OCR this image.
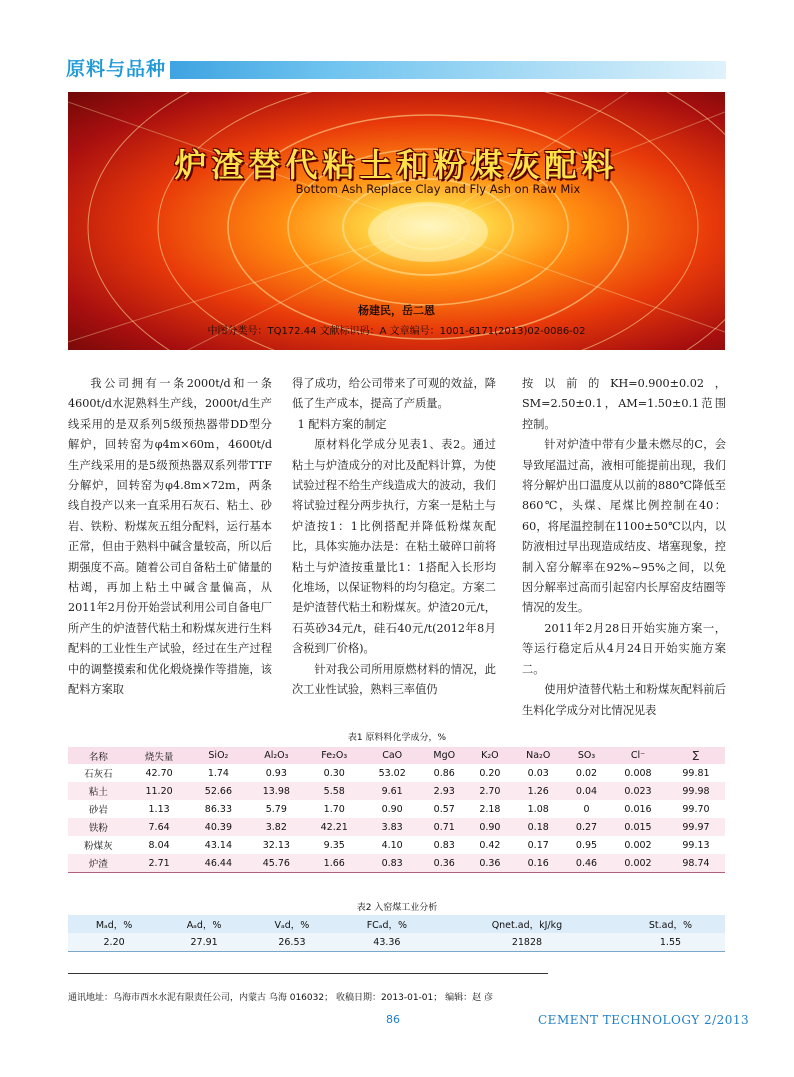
原料与品种
炉渣替代粘土和粉煤灰配料
Bottom Ash Replace Clay and Fly Ash on Raw Mix
杨建民，岳二恩
中图分类号：TQ172.44 文献标识码：A 文章编号：1001-6171(2013)02-0086-02

我公司拥有一条2000t/d和一条4600t/d水泥熟料生产线，2000t/d生产线采用的是双系列5级预热器带DD型分解炉，回转窑为φ4m×60m，4600t/d生产线采用的是5级预热器双系列带TTF分解炉，回转窑为φ4.8m×72m，两条线自投产以来一直采用石灰石、粘土、砂岩、铁粉、粉煤灰五组分配料，运行基本正常，但由于熟料中碱含量较高，所以后期强度不高。随着公司自备粘土矿储量的枯竭，再加上粘土中碱含量偏高，从2011年2月份开始尝试利用公司自备电厂所产生的炉渣替代粘土和粉煤灰进行生料配料的工业性生产试验，经过在生产过程中的调整摸索和优化煅烧操作等措施，该配料方案取

得了成功，给公司带来了可观的效益，降低了生产成本，提高了产质量。

1 配料方案的制定

原材料化学成分见表1、表2。通过粘土与炉渣成分的对比及配料计算，为使试验过程不给生产线造成大的波动，我们将试验过程分两步执行，方案一是粘土与炉渣按1：1比例搭配并降低粉煤灰配比，具体实施办法是：在粘土破碎口前将粘土与炉渣按重量比1：1搭配入长形均化堆场，以保证物料的均匀稳定。方案二是炉渣替代粘土和粉煤灰。炉渣20元/t，石英砂34元/t，硅石40元/t(2012年8月含税到厂价格)。

针对我公司所用原燃材料的情况，此次工业性试验，熟料三率值仍

按以前的KH=0.900±0.02，SM=2.50±0.1，AM=1.50±0.1范围控制。

针对炉渣中带有少量未燃尽的C，会导致尾温过高，液相可能提前出现，我们将分解炉出口温度从以前的880℃降低至860℃，头煤、尾煤比例控制在40：60，将尾温控制在1100±50℃以内，以防液相过早出现造成结皮、堵塞现象，控制入窑分解率在92%~95%之间，以免因分解率过高而引起窑内长厚窑皮结圈等情况的发生。

2011年2月28日开始实施方案一，等运行稳定后从4月24日开始实施方案二。

使用炉渣替代粘土和粉煤灰配料前后生料化学成分对比情况见表

表1 原料料化学成分，%
名称	烧失量	SiO₂	Al₂O₃	Fe₂O₃	CaO	MgO	K₂O	Na₂O	SO₃	Cl⁻	∑
石灰石	42.70	1.74	0.93	0.30	53.02	0.86	0.20	0.03	0.02	0.008	99.81
粘土	11.20	52.66	13.98	5.58	9.61	2.93	2.70	1.26	0.04	0.023	99.98
砂岩	1.13	86.33	5.79	1.70	0.90	0.57	2.18	1.08	0	0.016	99.70
铁粉	7.64	40.39	3.82	42.21	3.83	0.71	0.90	0.18	0.27	0.015	99.97
粉煤灰	8.04	43.14	32.13	9.35	4.10	0.83	0.42	0.17	0.95	0.002	99.13
炉渣	2.71	46.44	45.76	1.66	0.83	0.36	0.36	0.16	0.46	0.002	98.74
表2 入窑煤工业分析
Mₐd，%	Aₐd，%	Vₐd，%	FCₐd，%	Qnet.ad，kJ/kg	St.ad，%
2.20	27.91	26.53	43.36	21828	1.55
通讯地址：乌海市西水水泥有限责任公司，内蒙古 乌海 016032； 收稿日期：2013-01-01； 编辑：赵 彦
86	CEMENT TECHNOLOGY 2/2013
